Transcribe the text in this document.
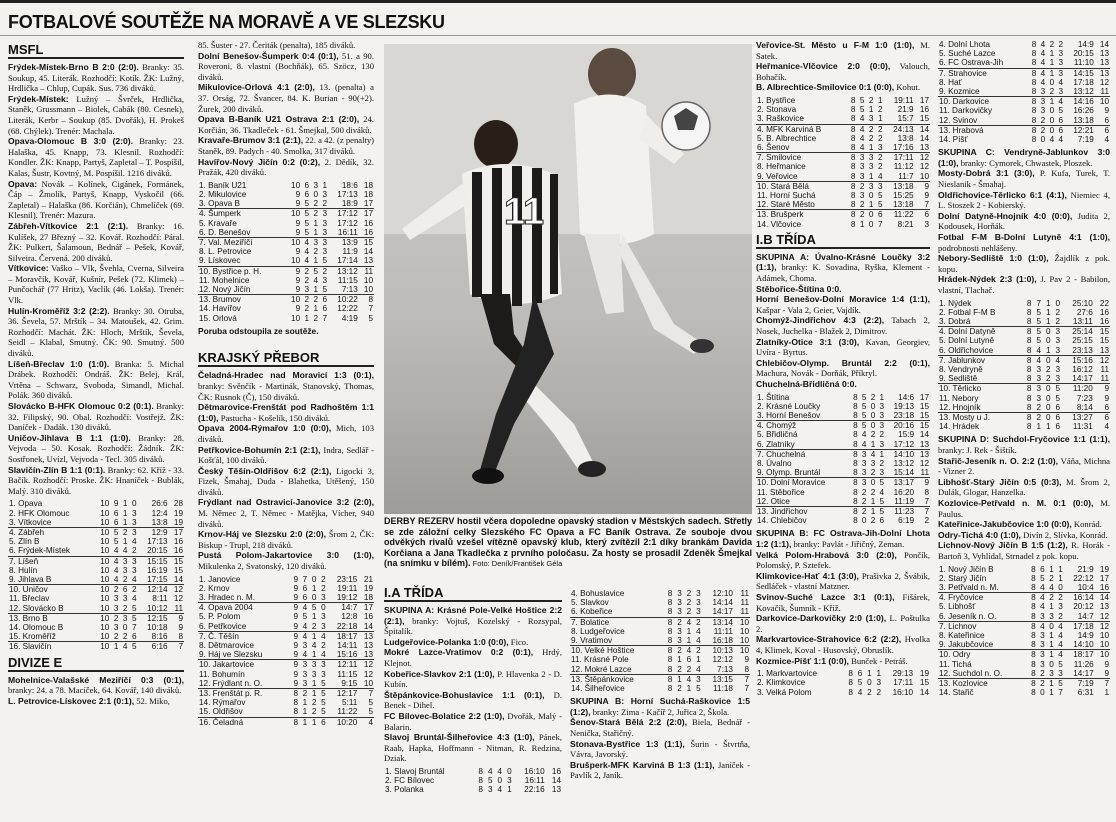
FOTBALOVÉ SOUTĚŽE NA MORAVĚ A VE SLEZSKU
MSFL

Frýdek-Místek-Brno B 2:0 (2:0). Branky: 35. Soukup, 45. Literák. Rozhodčí: Kotík. ŽK: Lužný, Hrdlička – Chlup, Cupák. Sus. 736 diváků.

Frýdek-Místek: Lužný – Švrček, Hrdlička, Staněk, Grussmann – Biolek, Cabák (80. Cesnek), Literák, Kerbr – Soukup (85. Dvořák), H. Prokeš (68. Chýlek). Trenér: Machala.

Opava-Olomouc B 3:0 (2:0). Branky: 23. Halaška, 45. Knapp, 73. Klesnil. Rozhodčí: Kondler. ŽK: Knapp, Partyš, Zapletal – T. Pospíšil, Kalas, Šustr, Kovtný, M. Pospíšil. 1216 diváků.

Opava: Novák – Kolínek, Cigánek, Formánek, Čáp – Žmolík, Partyš, Knapp, Vyskočil (66. Zapletal) – Halaška (86. Korčián), Chmelíček (69. Klesnil). Trenér: Mazura.

Zábřeh-Vítkovice 2:1 (2:1). Branky: 16. Kulíšek, 27 Březný – 32. Kovář. Rozhodčí: Páral. ŽK: Pulkert, Šalamoun, Bednář – Pešek, Kovář, Silveira. Červená. 200 diváků.

Vítkovice: Vaško – Vlk, Švehla, Cverna, Silveira – Moravčík, Kovář, Kušnír, Pešek (72. Klimek) – Punčochář (77 Hritz), Vaclík (46. Lokša). Trenér: Vlk.

Hulín-Kroměříž 3:2 (2:2). Branky: 30. Otruba, 36. Ševela, 57. Mrštík – 34. Matoušek, 42. Grim. Rozhodčí: Machát. ŽK: Hloch, Mrštík, Ševela, Seidl – Klabal, Smutný. ČK: 90. Smutný. 500 diváků.

Líšeň-Břeclav 1:0 (1:0). Branka: 5. Michal Drábek. Rozhodčí: Ondráš. ŽK: Belej, Král, Vrtěna – Schwarz, Svoboda, Simandl, Michal. Polák. 360 diváků.

Slovácko B-HFK Olomouc 0:2 (0:1). Branky: 32. Filipský, 90. Obal. Rozhodčí: Vostřejž. ŽK: Daníček - Dadák. 130 diváků.

Uničov-Jihlava B 1:1 (1:0). Branky: 28. Vejvoda – 50. Kosak. Rozhodčí: Žádník. ŽK: Sostřonek, Uvízl, Vejvoda - Tecl. 305 diváků.

Slavičín-Zlín B 1:1 (0:1). Branky: 62. Kříž - 33. Bačík. Rozhodčí: Proske. ŽK: Hnaníček - Bublák, Malý. 310 diváků.

1. Opava	10	9	1	0	26:6	28
2. HFK Olomouc	10	6	1	3	12:4	19
3. Vítkovice	10	6	1	3	13:8	19
4. Zábřeh	10	5	2	3	12:9	17
5. Zlín B	10	5	1	4	17:13	16
6. Frýdek-Místek	10	4	4	2	20:15	16
7. Líšeň	10	4	3	3	15:15	15
8. Hulín	10	4	3	3	16:19	15
9. Jihlava B	10	4	2	4	17:15	14
10. Uničov	10	2	6	2	12:14	12
11. Břeclav	10	3	3	4	8:11	12
12. Slovácko B	10	3	2	5	10:12	11
13. Brno B	10	2	3	5	12:15	9
14. Olomouc B	10	3	0	7	10:18	9
15. Kroměříž	10	2	2	6	8:16	8
16. Slavičín	10	1	4	5	6:16	7
DIVIZE E

Mohelnice-Valašské Meziříčí 0:3 (0:1), branky: 24. a 78. Macíček, 64. Kovář, 140 diváků.

L. Petrovice-Lískovec 2:1 (0:1), 52. Miko,

85. Šuster - 27. Čeriták (penalta), 185 diváků.

Dolní Benešov-Šumperk 0:4 (0:1), 51. a 90. Roveroni, 8. vlastní (Bochňák), 65. Szöcz, 130 diváků.

Mikulovice-Orlová 4:1 (2:0), 13. (penalta) a 37. Orság, 72. Švancer, 84. K. Burian - 90(+2). Žurek, 200 diváků.

Opava B-Baník U21 Ostrava 2:1 (2:0), 24. Korčián, 36. Tkadleček - 61. Šmejkal, 500 diváků.

Kravaře-Brumov 3:1 (2:1), 22. a 42. (z penalty) Staněk, 89. Padych - 40. Smolka, 317 diváků.

Havířov-Nový Jičín 0:2 (0:2), 2. Dědík, 32. Pražák, 420 diváků.

1. Baník U21	10	6	3	1	18:6	18
2. Mikulovice	9	6	0	3	17:13	18
3. Opava B	9	5	2	2	18:9	17
4. Šumperk	10	5	2	3	17:12	17
5. Kravaře	9	5	1	3	17:12	16
6. D. Benešov	9	5	1	3	16:11	16
7. Val. Meziříčí	10	4	3	3	13:9	15
8. L. Petrovice	9	4	2	3	11:9	14
9. Lískovec	10	4	1	5	17:14	13
10. Bystřice p. H.	9	2	5	2	13:12	11
11. Mohelnice	9	2	4	3	11:15	10
12. Nový Jičín	9	3	1	5	7:13	10
13. Brumov	10	2	2	6	10:22	8
14. Havířov	9	2	1	6	12:22	7
15. Orlová	10	1	2	7	4:19	5
Poruba odstoupila ze soutěže.
KRAJSKÝ PŘEBOR

Čeladná-Hradec nad Moravicí 1:3 (0:1), branky: Svěnčík - Martinák, Stanovský, Thomas, ČK: Rusnok (Č), 150 diváků.

Dětmarovice-Frenštát pod Radhoštěm 1:1 (1:0), Pastucha - Košelík, 150 diváků.

Opava 2004-Rýmařov 1:0 (0:0), Mich, 103 diváků.

Petřkovice-Bohumín 2:1 (2:1), Indra, Sedlář - Košťál, 100 diváků.

Český Těšín-Oldřišov 6:2 (2:1), Ligocki 3, Fizek, Šmahaj, Duda - Blahetka, Utěšený, 150 diváků.

Frýdlant nad Ostravicí-Janovice 3:2 (2:0), M. Němec 2, T. Němec - Matějka, Vícher, 940 diváků.

Krnov-Háj ve Slezsku 2:0 (2:0), Šrom 2, ČK: Biskup - Trupl, 218 diváků.

Pustá Polom-Jakartovice 3:0 (1:0), Mikulenka 2, Svatonský, 120 diváků.

1. Janovice	9	7	0	2	23:15	21
2. Krnov	9	6	1	2	19:11	19
3. Hradec n. M.	9	6	0	3	19:12	18
4. Opava 2004	9	4	5	0	14:7	17
5. P. Polom	9	5	1	3	12:8	16
6. Petřkovice	9	4	2	3	22:18	14
7. Č. Těšín	9	4	1	4	18:17	13
8. Dětmarovice	9	3	4	2	14:11	13
9. Háj ve Slezsku	9	4	1	4	15:16	13
10. Jakartovice	9	3	3	3	12:11	12
11. Bohumín	9	3	3	3	11:15	12
12. Frýdlant n. O.	9	3	1	5	9:15	10
13. Frenštát p. R.	8	2	1	5	12:17	7
14. Rýmařov	8	1	2	5	5:11	5
15. Oldřišov	8	1	2	5	11:22	5
16. Čeladná	8	1	1	6	10:20	4
11
DERBY REZERV hostil včera dopoledne opavský stadion v Městských sadech. Střetly se zde záložní celky Slezského FC Opava a FC Baník Ostrava. Ze souboje dvou odvěkých rivalů vzešel vítězně opavský klub, který zvítězil 2:1 díky brankám Davida Korčiana a Jana Tkadlečka z prvního poločasu. Za hosty se prosadil Zdeněk Šmejkal (na snímku v bílém). Foto: Deník/František Géla
I.A TŘÍDA

SKUPINA A: Krásné Pole-Velké Hoštice 2:2 (2:1), branky: Vojtuš, Kozelský - Rozsypal, Špitalík.

Ludgeřovice-Polanka 1:0 (0:0), Fico.

Mokré Lazce-Vratimov 0:2 (0:1), Hrdý, Klejnot.

Kobeřice-Slavkov 2:1 (1:0), P. Hlavenka 2 - D. Kubín.

Štěpánkovice-Bohuslavice 1:1 (0:1), D. Benek - Dihel.

FC Bílovec-Bolatice 2:2 (1:0), Dvořák, Malý - Balarin.

Slavoj Bruntál-Šilheřovice 4:3 (1:0), Pánek, Raab, Hapka, Hoffmann - Nitman, R. Redzina, Dziak.

1. Slavoj Bruntál	8	4	4	0	16:10	16
2. FC Bílovec	8	5	0	3	16:11	14
3. Polanka	8	3	4	1	22:16	13
4. Bohuslavice	8	3	2	3	12:10	11
5. Slavkov	8	3	2	3	14:14	11
6. Kobeřice	8	3	2	3	14:17	11
7. Bolatice	8	2	4	2	13:14	10
8. Ludgeřovice	8	3	1	4	11:11	10
9. Vratimov	8	3	1	4	16:18	10
10. Velké Hoštice	8	2	4	2	10:13	10
11. Krásné Pole	8	1	6	1	12:12	9
12. Mokré Lazce	8	2	2	4	7:13	8
13. Štěpánkovice	8	1	4	3	13:15	7
14. Šilheřovice	8	2	1	5	11:18	7

SKUPINA B: Horní Suchá-Raškovice 1:5 (1:2), branky: Zima - Kačíř 2, Juřica 2, Škola.

Šenov-Stará Bělá 2:2 (2:0), Biela, Bednář - Nenička, Stařičný.

Stonava-Bystřice 1:3 (1:1), Šurin - Štvrtňa, Vávra, Javorský.

Brušperk-MFK Karviná B 1:3 (1:1), Janíček - Pavlík 2, Janík.

Veřovice-St. Město u F-M 1:0 (1:0), M. Satek.

Heřmanice-Vlčovice 2:0 (0:0), Valouch, Bohačík.

B. Albrechtice-Smilovice 0:1 (0:0), Kohut.

1. Bystřice	8	5	2	1	19:11	17
2. Stonava	8	5	1	2	21:9	16
3. Raškovice	8	4	3	1	15:7	15
4. MFK Karviná B	8	4	2	2	24:13	14
5. B. Albrechtice	8	4	2	2	13:8	14
6. Šenov	8	4	1	3	17:16	13
7. Smilovice	8	3	3	2	17:11	12
8. Heřmanice	8	3	3	2	11:12	12
9. Veřovice	8	3	1	4	11:7	10
10. Stará Bělá	8	2	3	3	13:18	9
11. Horní Suchá	8	3	0	5	15:25	9
12. Staré Město	8	2	1	5	13:18	7
13. Brušperk	8	2	0	6	11:22	6
14. Vlčovice	8	1	0	7	8:21	3
I.B TŘÍDA

SKUPINA A: Úvalno-Krásné Loučky 3:2 (1:1), branky: K. Sovadina, Ryška, Klement - Adámek, Choma.

Stěbořice-Štítina 0:0.

Horní Benešov-Dolní Moravice 1:4 (1:1), Kašpar - Vala 2, Geier, Vajdík.

Chomýž-Jindřichov 4:3 (2:2), Tabach 2, Nosek, Juchelka - Blažek 2, Dimitrov.

Zlatníky-Otice 3:1 (3:0), Kavan, Georgiev, Uvíra - Byrtus.

Chlebičov-Olymp. Bruntál 2:2 (0:1), Machura, Novák - Dorňák, Příkryl.

Chuchelná-Břidličná 0:0.

1. Štítina	8	5	2	1	14:6	17
2. Krásné Loučky	8	5	0	3	19:13	15
3. Horní Benešov	8	5	0	3	23:18	15
4. Chomýž	8	5	0	3	20:16	15
5. Břidličná	8	4	2	2	15:9	14
6. Zlatníky	8	4	1	3	17:12	13
7. Chuchelná	8	3	4	1	14:10	13
8. Úvalno	8	3	3	2	13:12	12
9. Olymp. Bruntál	8	3	2	3	15:14	11
10. Dolní Moravice	8	3	0	5	13:17	9
11. Stěbořice	8	2	2	4	16:20	8
12. Otice	8	2	1	5	11:19	7
13. Jindřichov	8	2	1	5	11:23	7
14. Chlebičov	8	0	2	6	6:19	2

SKUPINA B: FC Ostrava-Jih-Dolní Lhota 1:2 (1:1), branky: Pavlát - Jiřičný, Zeman.

Velká Polom-Hrabová 3:0 (2:0), Pončík, Polomský, P. Sztefek.

Klimkovice-Hať 4:1 (3:0), Prašivka 2, Švábik, Sedláček - vlastní Matzner.

Svinov-Suché Lazce 3:1 (0:1), Fišárek, Kovačík, Šumník - Kříž.

Darkovice-Darkovičky 2:0 (1:0), L. Poštulka 2.

Markvartovice-Strahovice 6:2 (2:2), Hvolka 4, Klimek, Koval - Husovský, Obruslík.

Kozmice-Píšť 1:1 (0:0), Bunček - Petráš.

1. Markvartovice	8	6	1	1	29:13	19
2. Klimkovice	8	5	0	3	17:11	15
3. Velká Polom	8	4	2	2	16:10	14
4. Dolní Lhota	8	4	2	2	14:9	14
5. Suché Lazce	8	4	1	3	20:15	13
6. FC Ostrava-Jih	8	4	1	3	11:10	13
7. Strahovice	8	4	1	3	14:15	13
8. Hať	8	4	0	4	17:18	12
9. Kozmice	8	3	2	3	13:12	11
10. Darkovice	8	3	1	4	14:16	10
11. Darkovičky	8	3	0	5	16:26	9
12. Svinov	8	2	0	6	13:18	6
13. Hrabová	8	2	0	6	12:21	6
14. Píšť	8	0	4	4	7:19	4

SKUPINA C: Vendryně-Jablunkov 3:0 (1:0), branky: Cymorek, Chwastek, Ploszek.

Mosty-Dobrá 3:1 (3:0), P. Kufa, Turek, T. Nieslanik - Šmahaj.

Oldřichovice-Těrlicko 6:1 (4:1), Niemiec 4, L. Stoszek 2 - Kobierský.

Dolní Datyně-Hnojník 4:0 (0:0), Judita 2, Kodousek, Horňák.

Fotbal F-M B-Dolní Lutyně 4:1 (1:0), podrobnosti nehlášeny.

Nebory-Sedliště 1:0 (1:0), Žajdlík z pok. kopu.

Hrádek-Nýdek 2:3 (1:0), J. Pav 2 - Babilon, vlastní, Tlachač.

1. Nýdek	8	7	1	0	25:10	22
2. Fotbal F-M B	8	5	1	2	27:6	16
3. Dobrá	8	5	1	2	13:11	16
4. Dolní Datyně	8	5	0	3	25:14	15
5. Dolní Lutyně	8	5	0	3	25:15	15
6. Oldřichovice	8	4	1	3	23:13	13
7. Jablunkov	8	4	0	4	15:16	12
8. Vendryně	8	3	2	3	16:12	11
9. Sedliště	8	3	2	3	14:17	11
10. Těrlicko	8	3	0	5	11:20	9
11. Nebory	8	3	0	5	7:23	9
12. Hnojník	8	2	0	6	8:14	6
13. Mosty u J.	8	2	0	6	13:27	6
14. Hrádek	8	1	1	6	11:31	4

SKUPINA D: Suchdol-Fryčovice 1:1 (1:1), branky: J. Rek - Šištík.

Stařič-Jeseník n. O. 2:2 (1:0), Váňa, Michna - Vizner 2.

Libhošť-Starý Jičín 0:5 (0:3), M. Šrom 2, Dulák, Glogar, Hanzelka.

Kozlovice-Petřvald n. M. 0:1 (0:0), M. Paulus.

Kateřinice-Jakubčovice 1:0 (0:0), Konrád.

Odry-Tichá 4:0 (1:0), Divín 2, Slívka, Konrád.

Lichnov-Nový Jičín B 1:5 (1:2), R. Horák - Bartoň 3, Vyhlídal, Strnadel z pok. kopu.

1. Nový Jičín B	8	6	1	1	21:9	19
2. Starý Jičín	8	5	2	1	22:12	17
3. Petřvald n. M.	8	4	4	0	10:4	16
4. Fryčovice	8	4	2	2	16:14	14
5. Libhošť	8	4	1	3	20:12	13
6. Jeseník n. O.	8	3	3	2	14:7	12
7. Lichnov	8	4	0	4	17:18	12
8. Kateřinice	8	3	1	4	14:9	10
9. Jakubčovice	8	3	1	4	14:10	10
10. Odry	8	3	1	4	18:17	10
11. Tichá	8	3	0	5	11:26	9
12. Suchdol n. O.	8	2	3	3	14:17	9
13. Kozlovice	8	2	1	5	7:19	7
14. Stařič	8	0	1	7	6:31	1
